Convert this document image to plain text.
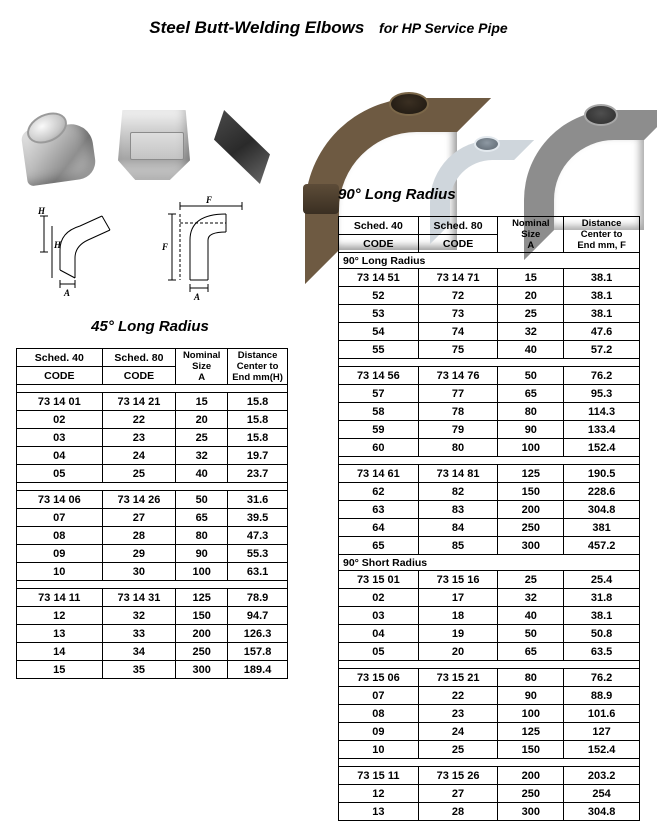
Steel Butt-Welding Elbows for HP Service Pipe
H
H
A
F
F
A
45° Long Radius
90° Long Radius
Sched. 40	Sched. 80	Nominal
Size
A	Distance
Center to
End mm(H)

CODE	CODE		

73 14 01	73 14 21	15	15.8
02	22	20	15.8
03	23	25	15.8
04	24	32	19.7
05	25	40	23.7

73 14 06	73 14 26	50	31.6
07	27	65	39.5
08	28	80	47.3
09	29	90	55.3
10	30	100	63.1

73 14 11	73 14 31	125	78.9
12	32	150	94.7
13	33	200	126.3
14	34	250	157.8
15	35	300	189.4
Sched. 40	Sched. 80	Nominal
Size
A	Distance
Center to
End mm, F

CODE	CODE		
90° Long Radius			
73 14 51	73 14 71	15	38.1
52	72	20	38.1
53	73	25	38.1
54	74	32	47.6
55	75	40	57.2

73 14 56	73 14 76	50	76.2
57	77	65	95.3
58	78	80	114.3
59	79	90	133.4
60	80	100	152.4

73 14 61	73 14 81	125	190.5
62	82	150	228.6
63	83	200	304.8
64	84	250	381
65	85	300	457.2
90° Short Radius			
73 15 01	73 15 16	25	25.4
02	17	32	31.8
03	18	40	38.1
04	19	50	50.8
05	20	65	63.5

73 15 06	73 15 21	80	76.2
07	22	90	88.9
08	23	100	101.6
09	24	125	127
10	25	150	152.4

73 15 11	73 15 26	200	203.2
12	27	250	254
13	28	300	304.8
